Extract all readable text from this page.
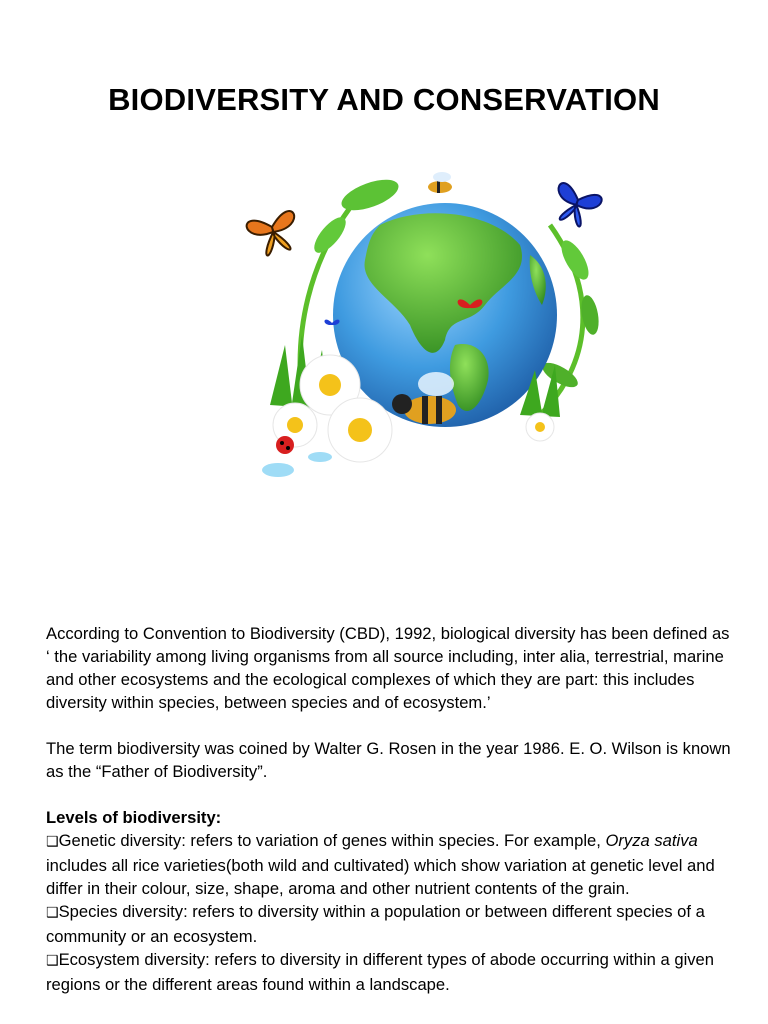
BIODIVERSITY AND CONSERVATION

According to Convention to Biodiversity (CBD), 1992, biological diversity has been defined as ‘ the variability among living organisms from all source including, inter alia, terrestrial, marine and other ecosystems and the ecological complexes of which they are part: this includes diversity within species, between species and of ecosystem.’

The term biodiversity was coined by Walter G. Rosen in the year 1986. E. O. Wilson is known as the “Father of Biodiversity”.

Levels of biodiversity:
❑Genetic diversity: refers to variation of genes within species. For example, Oryza sativa includes all rice varieties(both wild and cultivated) which show variation at genetic level and differ in their colour, size, shape, aroma and other nutrient contents of the grain.
❑Species diversity: refers to diversity within a population or between different species of a community or an ecosystem.
❑Ecosystem diversity: refers to diversity in different types of abode occurring within a given regions or the different areas found within a landscape.
